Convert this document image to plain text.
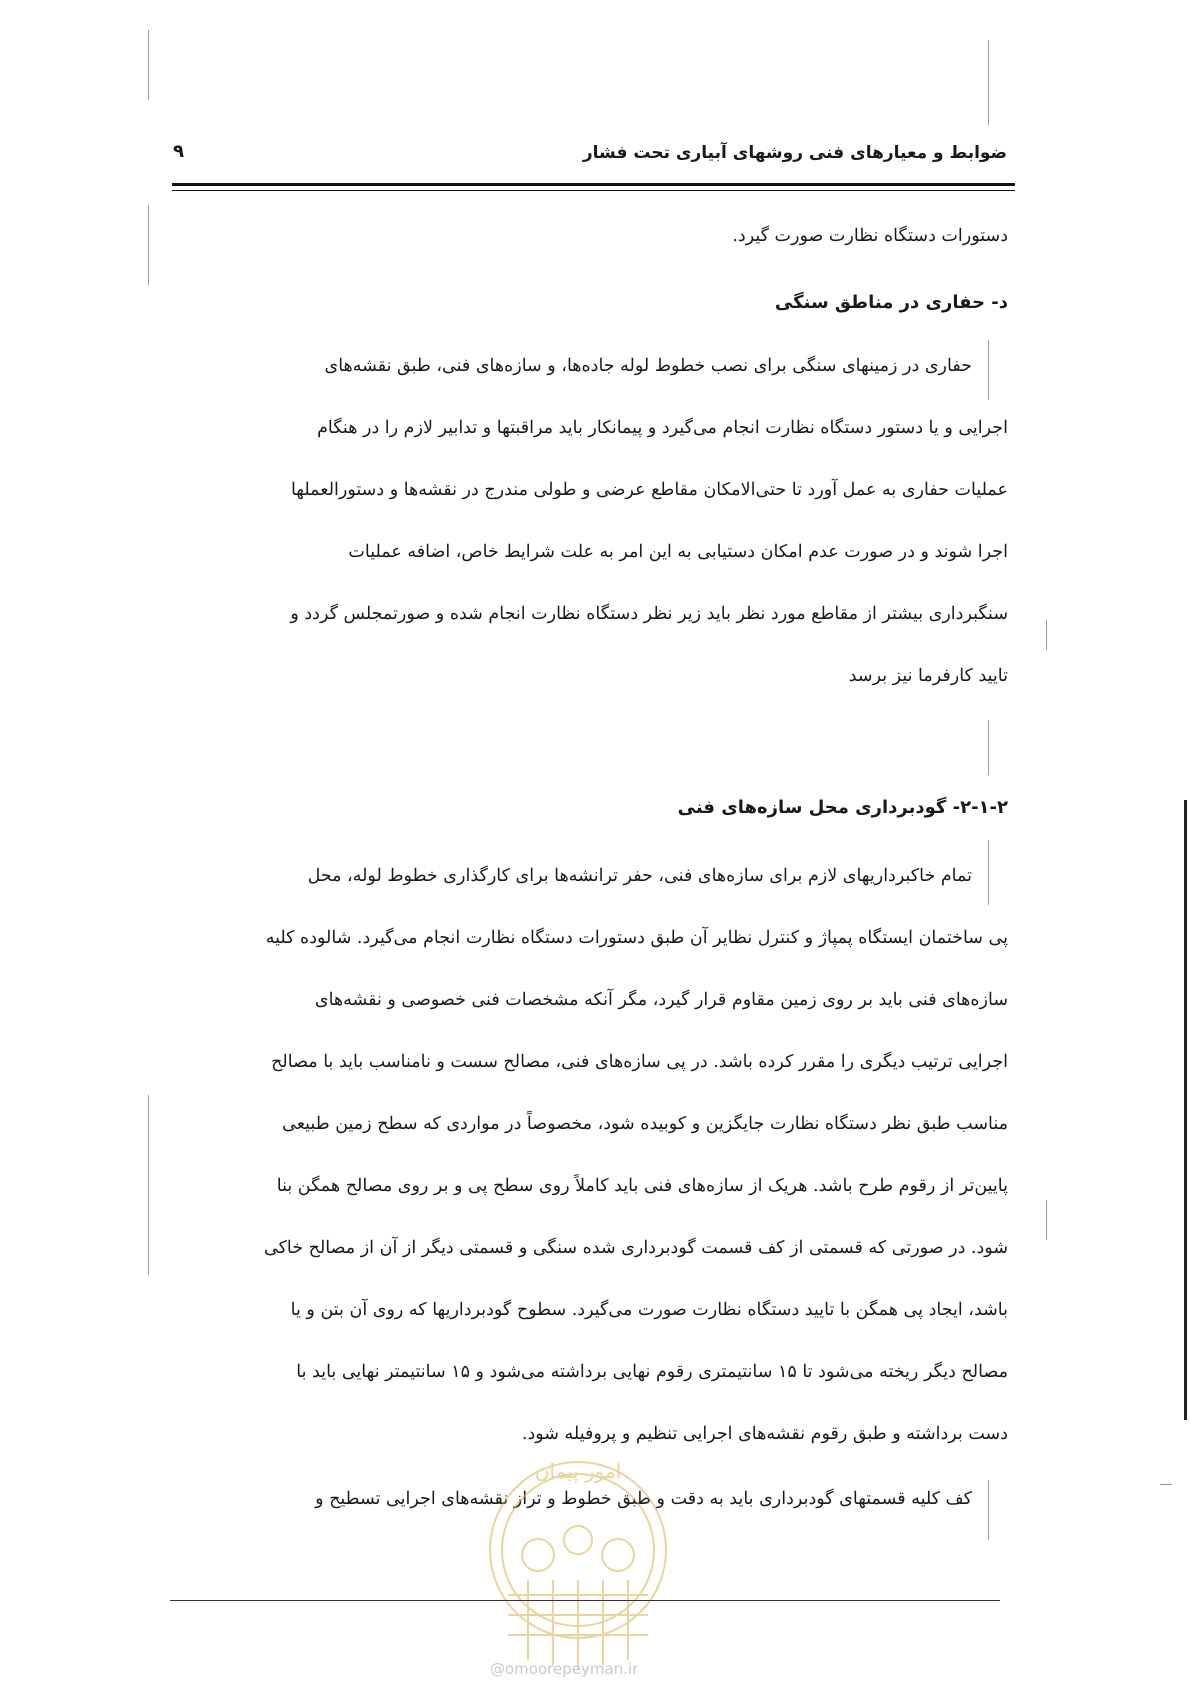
۹	ضوابط و معیارهای فنی روشهای آبیاری تحت فشار
دستورات دستگاه نظارت صورت گیرد.
د- حفاری در مناطق سنگی
حفاری در زمینهای سنگی برای نصب خطوط لوله جاده‌ها، و سازه‌های فنی، طبق نقشه‌های
اجرایی و یا دستور دستگاه نظارت انجام می‌گیرد و پیمانکار باید مراقبتها و تدابیر لازم را در هنگام
عملیات حفاری به عمل آورد تا حتی‌الامکان مقاطع عرضی و طولی مندرج در نقشه‌ها و دستورالعملها
اجرا شوند و در صورت عدم امکان دستیابی به این امر به علت شرایط خاص، اضافه عملیات
سنگبرداری بیشتر از مقاطع مورد نظر باید زیر نظر دستگاه نظارت انجام شده و صورتمجلس گردد و
تایید کارفرما نیز برسد
۲-۱-۲- گودبرداری محل سازه‌های فنی
تمام خاکبرداریهای لازم برای سازه‌های فنی، حفر ترانشه‌ها برای کارگذاری خطوط لوله، محل
پی ساختمان ایستگاه پمپاژ و کنترل نظایر آن طبق دستورات دستگاه نظارت انجام می‌گیرد. شالوده کلیه
سازه‌های فنی باید بر روی زمین مقاوم قرار گیرد، مگر آنکه مشخصات فنی خصوصی و نقشه‌های
اجرایی ترتیب دیگری را مقرر کرده باشد. در پی سازه‌های فنی، مصالح سست و نامناسب باید با مصالح
مناسب طبق نظر دستگاه نظارت جایگزین و کوبیده شود، مخصوصاً در مواردی که سطح زمین طبیعی
پایین‌تر از رقوم طرح باشد. هریک از سازه‌های فنی باید کاملاً روی سطح پی و بر روی مصالح همگن بنا
شود. در صورتی که قسمتی از کف قسمت گودبرداری شده سنگی و قسمتی دیگر از آن از مصالح خاکی
باشد، ایجاد پی همگن با تایید دستگاه نظارت صورت می‌گیرد. سطوح گودبرداریها که روی آن بتن و یا
مصالح دیگر ریخته می‌شود تا ۱۵ سانتیمتری رقوم نهایی برداشته می‌شود و ۱۵ سانتیمتر نهایی باید با
دست برداشته و طبق رقوم نقشه‌های اجرایی تنظیم و پروفیله شود.
کف کلیه قسمتهای گودبرداری باید به دقت و طبق خطوط و تراز نقشه‌های اجرایی تسطیح و
امور پیمان
@omoorepeyman.ir
